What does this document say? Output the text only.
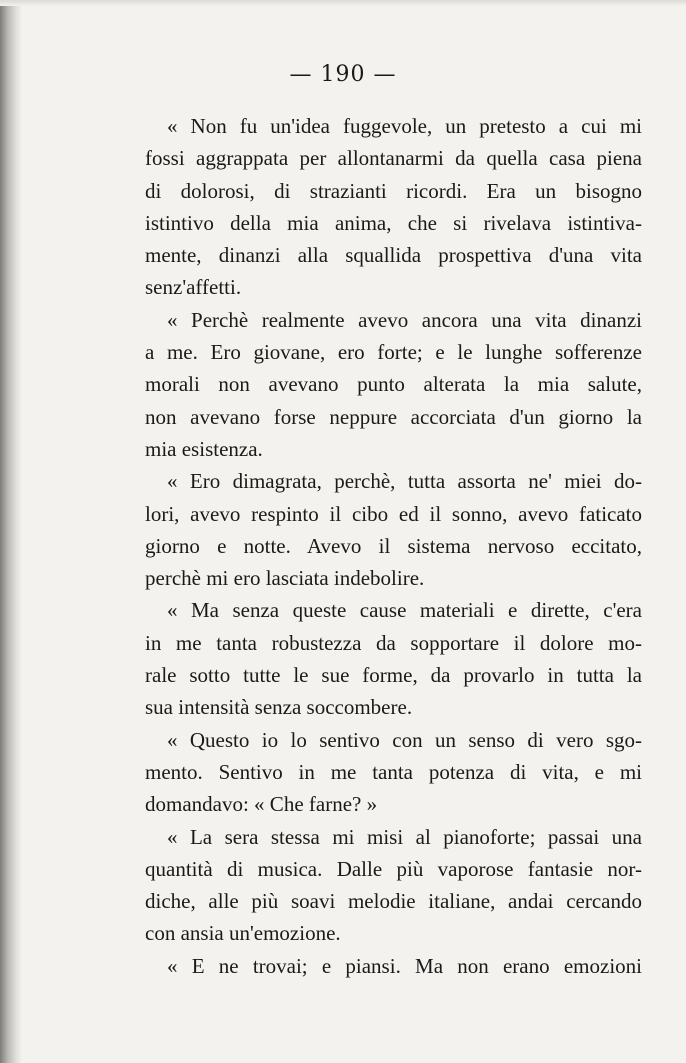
— 190 —
« Non fu un'idea fuggevole, un pretesto a cui mi
fossi aggrappata per allontanarmi da quella casa piena
di dolorosi, di strazianti ricordi. Era un bisogno
istintivo della mia anima, che si rivelava istintiva-
mente, dinanzi alla squallida prospettiva d'una vita
senz'affetti.
« Perchè realmente avevo ancora una vita dinanzi
a me. Ero giovane, ero forte; e le lunghe sofferenze
morali non avevano punto alterata la mia salute,
non avevano forse neppure accorciata d'un giorno la
mia esistenza.
« Ero dimagrata, perchè, tutta assorta ne' miei do-
lori, avevo respinto il cibo ed il sonno, avevo faticato
giorno e notte. Avevo il sistema nervoso eccitato,
perchè mi ero lasciata indebolire.
« Ma senza queste cause materiali e dirette, c'era
in me tanta robustezza da sopportare il dolore mo-
rale sotto tutte le sue forme, da provarlo in tutta la
sua intensità senza soccombere.
« Questo io lo sentivo con un senso di vero sgo-
mento. Sentivo in me tanta potenza di vita, e mi
domandavo: « Che farne? »
« La sera stessa mi misi al pianoforte; passai una
quantità di musica. Dalle più vaporose fantasie nor-
diche, alle più soavi melodie italiane, andai cercando
con ansia un'emozione.
« E ne trovai; e piansi. Ma non erano emozioni
